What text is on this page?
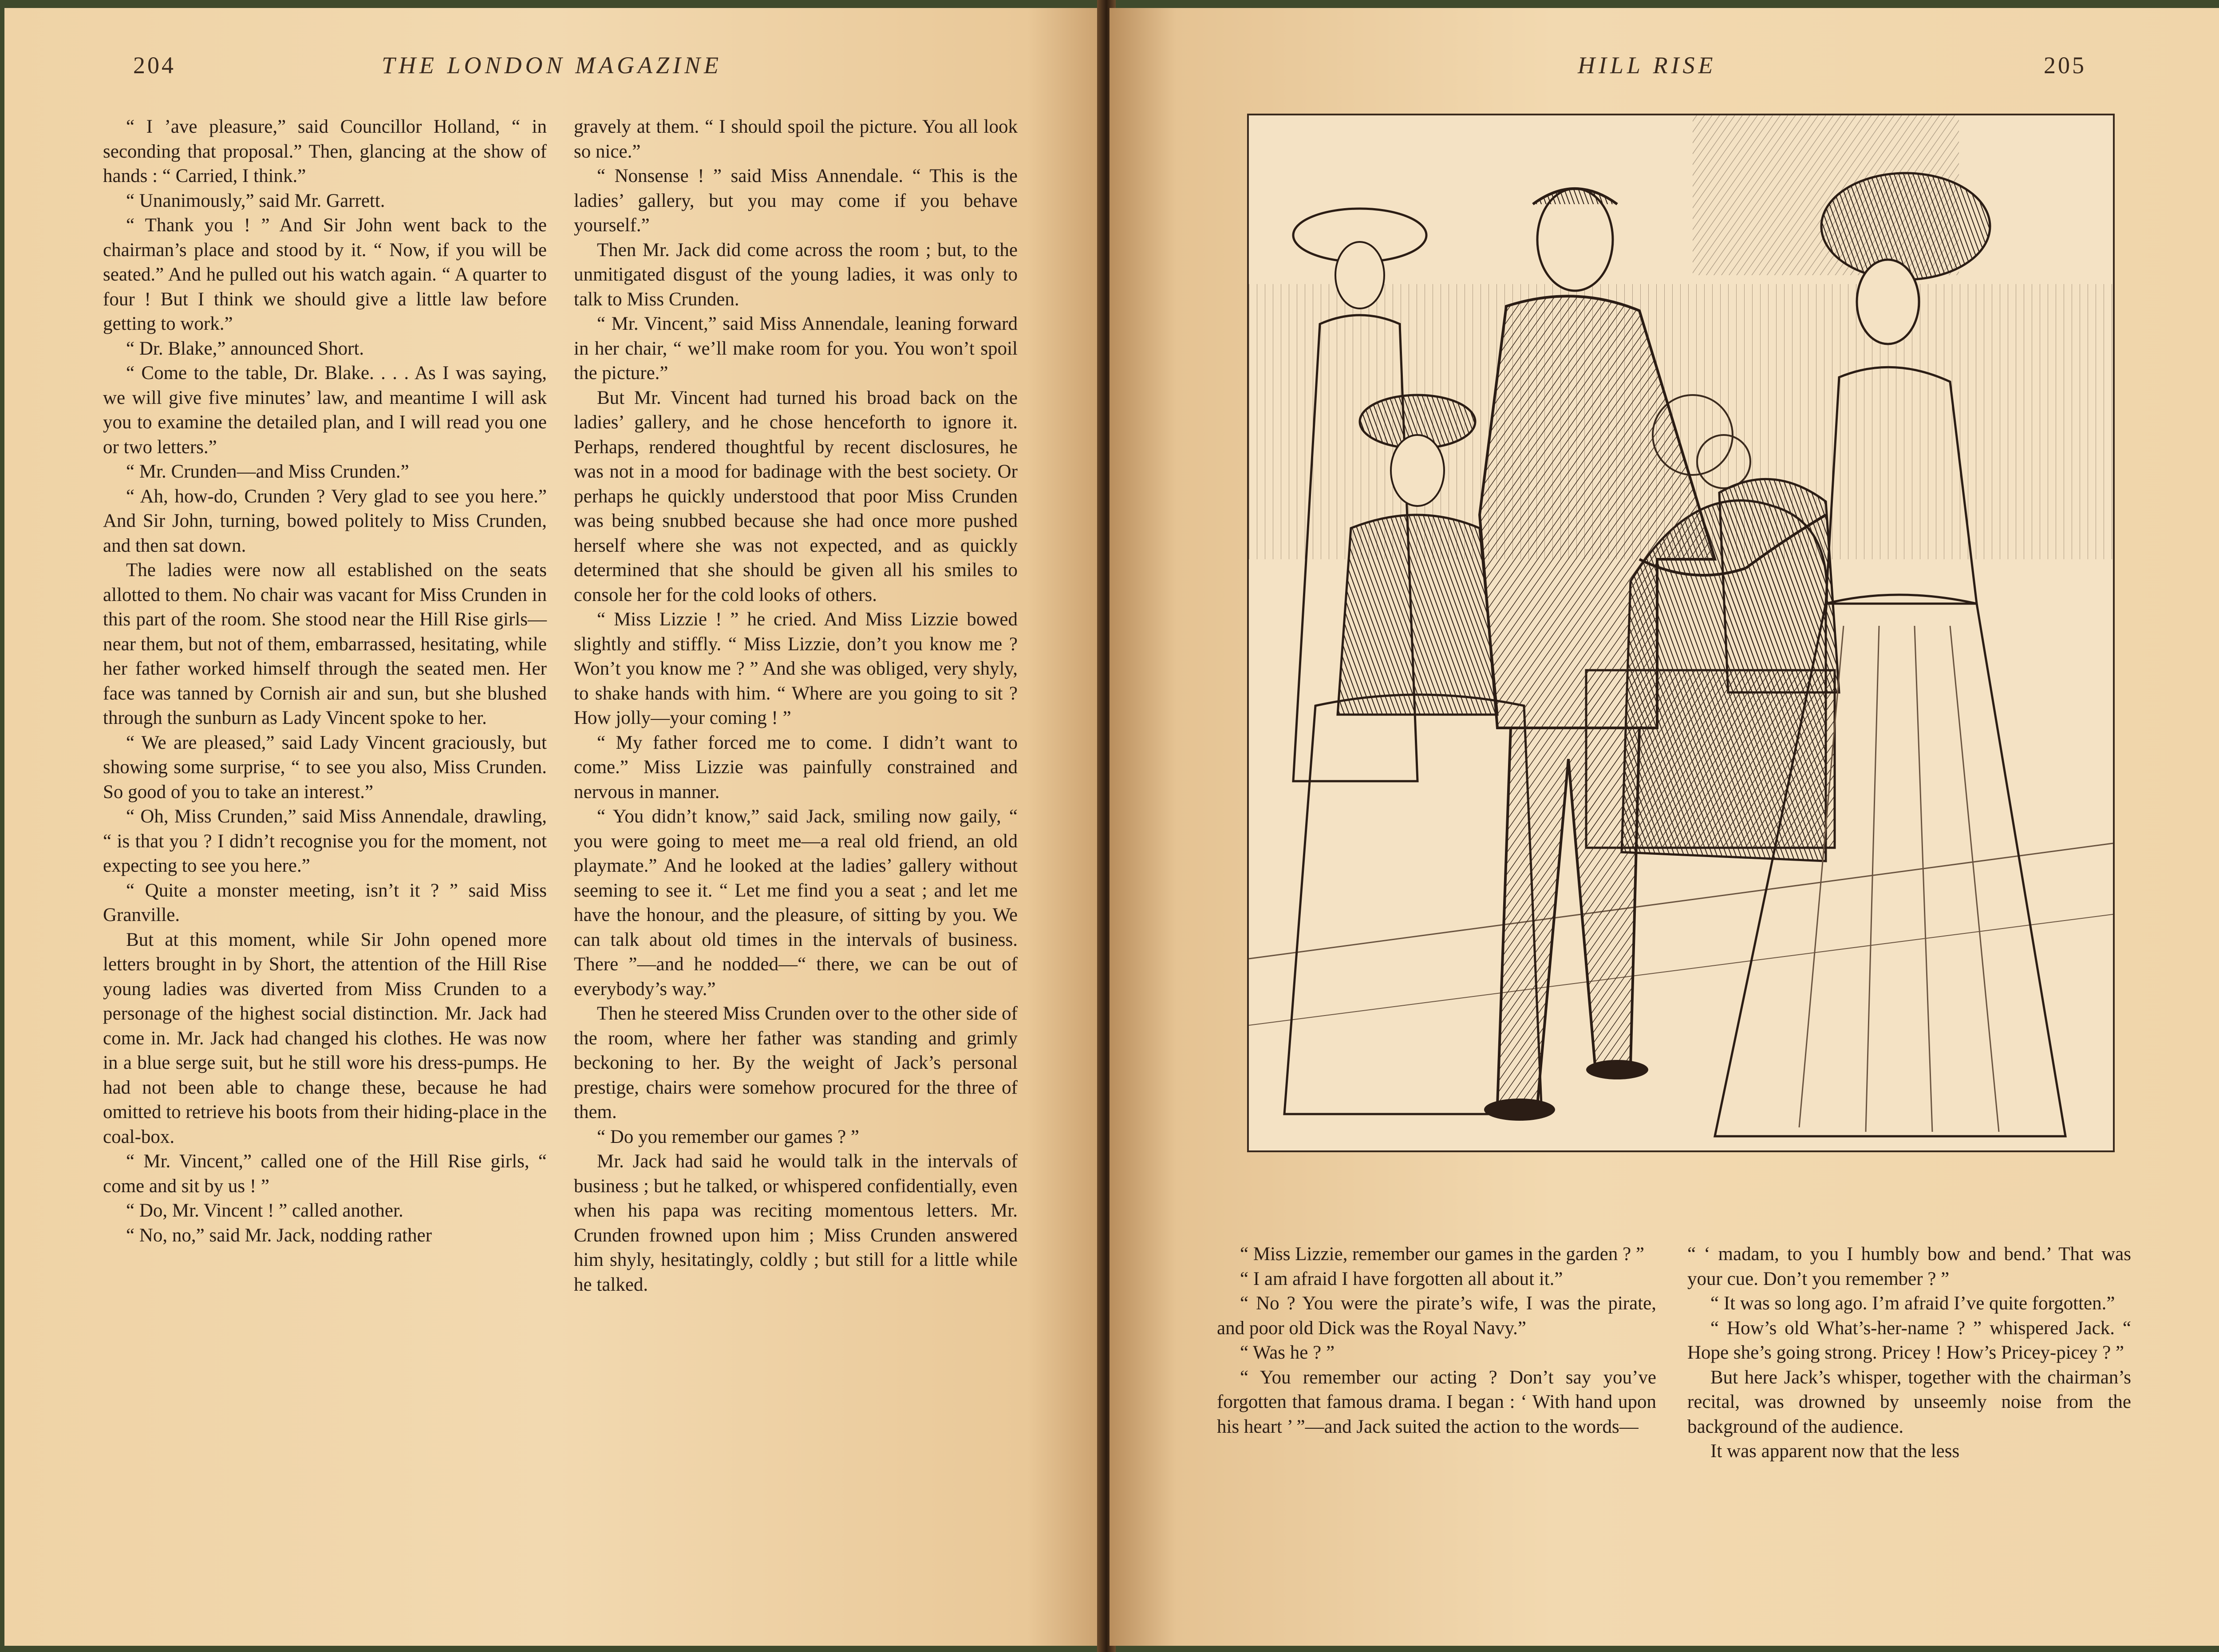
204	THE LONDON MAGAZINE

“ I ’ave pleasure,” said Councillor Holland, “ in seconding that proposal.” Then, glancing at the show of hands : “ Carried, I think.”

“ Unanimously,” said Mr. Garrett.

“ Thank you ! ” And Sir John went back to the chairman’s place and stood by it. “ Now, if you will be seated.” And he pulled out his watch again. “ A quarter to four ! But I think we should give a little law before getting to work.”

“ Dr. Blake,” announced Short.

“ Come to the table, Dr. Blake. . . . As I was saying, we will give five minutes’ law, and meantime I will ask you to examine the detailed plan, and I will read you one or two letters.”

“ Mr. Crunden—and Miss Crunden.”

“ Ah, how-do, Crunden ? Very glad to see you here.” And Sir John, turning, bowed politely to Miss Crunden, and then sat down.

The ladies were now all established on the seats allotted to them. No chair was vacant for Miss Crunden in this part of the room. She stood near the Hill Rise girls—near them, but not of them, embarrassed, hesitating, while her father worked himself through the seated men. Her face was tanned by Cornish air and sun, but she blushed through the sunburn as Lady Vincent spoke to her.

“ We are pleased,” said Lady Vincent graciously, but showing some surprise, “ to see you also, Miss Crunden. So good of you to take an interest.”

“ Oh, Miss Crunden,” said Miss Annendale, drawling, “ is that you ? I didn’t recognise you for the moment, not expecting to see you here.”

“ Quite a monster meeting, isn’t it ? ” said Miss Granville.

But at this moment, while Sir John opened more letters brought in by Short, the attention of the Hill Rise young ladies was diverted from Miss Crunden to a personage of the highest social distinction. Mr. Jack had come in. Mr. Jack had changed his clothes. He was now in a blue serge suit, but he still wore his dress-pumps. He had not been able to change these, because he had omitted to retrieve his boots from their hiding-place in the coal-box.

“ Mr. Vincent,” called one of the Hill Rise girls, “ come and sit by us ! ”

“ Do, Mr. Vincent ! ” called another.

“ No, no,” said Mr. Jack, nodding rather

gravely at them. “ I should spoil the picture. You all look so nice.”

“ Nonsense ! ” said Miss Annendale. “ This is the ladies’ gallery, but you may come if you behave yourself.”

Then Mr. Jack did come across the room ; but, to the unmitigated disgust of the young ladies, it was only to talk to Miss Crunden.

“ Mr. Vincent,” said Miss Annendale, leaning forward in her chair, “ we’ll make room for you. You won’t spoil the picture.”

But Mr. Vincent had turned his broad back on the ladies’ gallery, and he chose henceforth to ignore it. Perhaps, rendered thoughtful by recent disclosures, he was not in a mood for badinage with the best society. Or perhaps he quickly understood that poor Miss Crunden was being snubbed because she had once more pushed herself where she was not expected, and as quickly determined that she should be given all his smiles to console her for the cold looks of others.

“ Miss Lizzie ! ” he cried. And Miss Lizzie bowed slightly and stiffly. “ Miss Lizzie, don’t you know me ? Won’t you know me ? ” And she was obliged, very shyly, to shake hands with him. “ Where are you going to sit ? How jolly—your coming ! ”

“ My father forced me to come. I didn’t want to come.” Miss Lizzie was painfully constrained and nervous in manner.

“ You didn’t know,” said Jack, smiling now gaily, “ you were going to meet me—a real old friend, an old playmate.” And he looked at the ladies’ gallery without seeming to see it. “ Let me find you a seat ; and let me have the honour, and the pleasure, of sitting by you. We can talk about old times in the intervals of business. There ”—and he nodded—“ there, we can be out of everybody’s way.”

Then he steered Miss Crunden over to the other side of the room, where her father was standing and grimly beckoning to her. By the weight of Jack’s personal prestige, chairs were somehow procured for the three of them.

“ Do you remember our games ? ”

Mr. Jack had said he would talk in the intervals of business ; but he talked, or whispered confidentially, even when his papa was reciting momentous letters. Mr. Crunden frowned upon him ; Miss Crunden answered him shyly, hesitatingly, coldly ; but still for a little while he talked.

HILL RISE	205

“ Miss Lizzie, remember our games in the garden ? ”

“ I am afraid I have forgotten all about it.”

“ No ? You were the pirate’s wife, I was the pirate, and poor old Dick was the Royal Navy.”

“ Was he ? ”

“ You remember our acting ? Don’t say you’ve forgotten that famous drama. I began : ‘ With hand upon his heart ’ ”—and Jack suited the action to the words—

“ ‘ madam, to you I humbly bow and bend.’ That was your cue. Don’t you remember ? ”

“ It was so long ago. I’m afraid I’ve quite forgotten.”

“ How’s old What’s-her-name ? ” whispered Jack. “ Hope she’s going strong. Pricey ! How’s Pricey-picey ? ”

But here Jack’s whisper, together with the chairman’s recital, was drowned by unseemly noise from the background of the audience.

It was apparent now that the less
